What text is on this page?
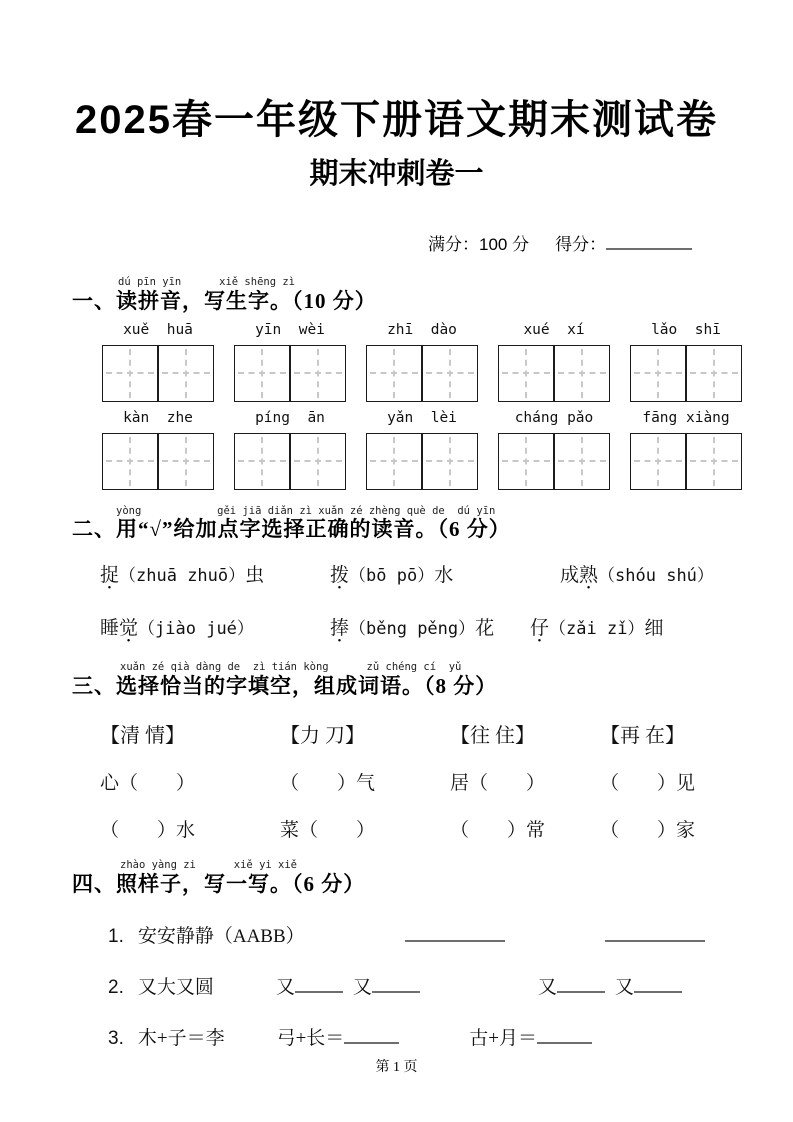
2025春一年级下册语文期末测试卷
期末冲刺卷一
满分：100 分 得分：
dú pīn yīn      xiě shēng zì
一、读拼音，写生字。（10 分）
xuě  huā	yīn  wèi	zhī  dào	xué  xí	lǎo  shī
kàn  zhe	píng  ān	yǎn  lèi	cháng pǎo	fāng xiàng
yòng            gěi jiā diǎn zì xuǎn zé zhèng què de  dú yīn
二、用“√”给加点字选择正确的读音。（6 分）
捉（zhuā zhuō）虫	拨（bō pō）水	成熟（shóu shú）
睡觉（jiào jué）	捧（běng pěng）花	仔（zǎi zǐ）细
xuǎn zé qià dàng de  zì tián kòng      zǔ chéng cí  yǔ
三、选择恰当的字填空，组成词语。（8 分）
【清 情】	【力 刀】	【往 住】	【再 在】
心（　　）	（　　）气	居（　　）	（　　）见
（　　）水	菜（　　）	（　　）常	（　　）家
zhào yàng zi      xiě yi xiě
四、照样子，写一写。（6 分）
1. 安安静静（AABB）
2. 又大又圆	又	又	又	又
3. 木+子＝李	弓+长＝	古+月＝
第 1 页
